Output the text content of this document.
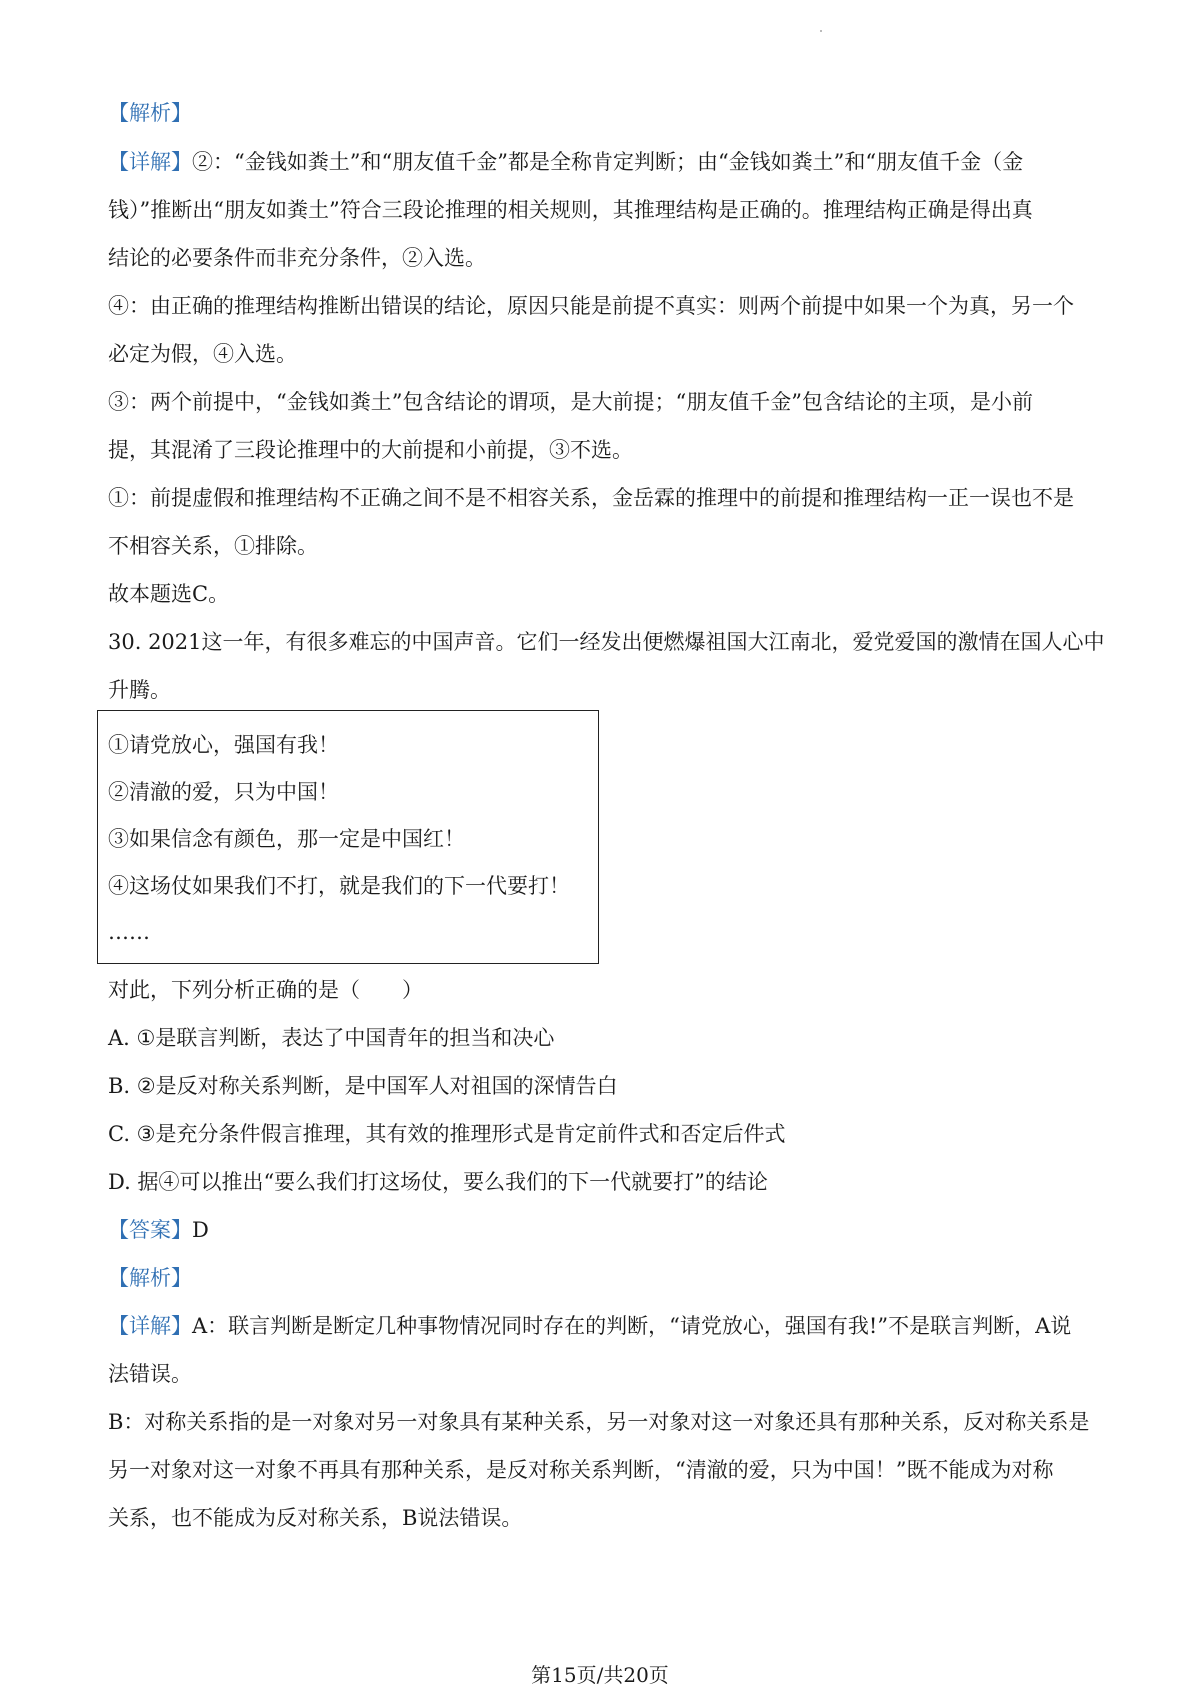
【解析】
【详解】②：“金钱如粪土”和“朋友值千金”都是全称肯定判断；由“金钱如粪土”和“朋友值千金（金
钱）”推断出“朋友如粪土”符合三段论推理的相关规则，其推理结构是正确的。推理结构正确是得出真
结论的必要条件而非充分条件，②入选。
④：由正确的推理结构推断出错误的结论，原因只能是前提不真实：则两个前提中如果一个为真，另一个
必定为假，④入选。
③：两个前提中，“金钱如粪土”包含结论的谓项，是大前提；“朋友值千金”包含结论的主项，是小前
提，其混淆了三段论推理中的大前提和小前提，③不选。
①：前提虚假和推理结构不正确之间不是不相容关系，金岳霖的推理中的前提和推理结构一正一误也不是
不相容关系，①排除。
故本题选C。
30. 2021这一年，有很多难忘的中国声音。它们一经发出便燃爆祖国大江南北，爱党爱国的激情在国人心中
升腾。
①请党放心，强国有我！
②清澈的爱，只为中国！
③如果信念有颜色，那一定是中国红！
④这场仗如果我们不打，就是我们的下一代要打！
……
对此，下列分析正确的是（　　）
A. ①是联言判断，表达了中国青年的担当和决心
B. ②是反对称关系判断，是中国军人对祖国的深情告白
C. ③是充分条件假言推理，其有效的推理形式是肯定前件式和否定后件式
D. 据④可以推出“要么我们打这场仗，要么我们的下一代就要打”的结论
【答案】D
【解析】
【详解】A：联言判断是断定几种事物情况同时存在的判断，“请党放心，强国有我!”不是联言判断，A说
法错误。
B：对称关系指的是一对象对另一对象具有某种关系，另一对象对这一对象还具有那种关系，反对称关系是
另一对象对这一对象不再具有那种关系，是反对称关系判断，“清澈的爱，只为中国！”既不能成为对称
关系，也不能成为反对称关系，B说法错误。
第15页/共20页
